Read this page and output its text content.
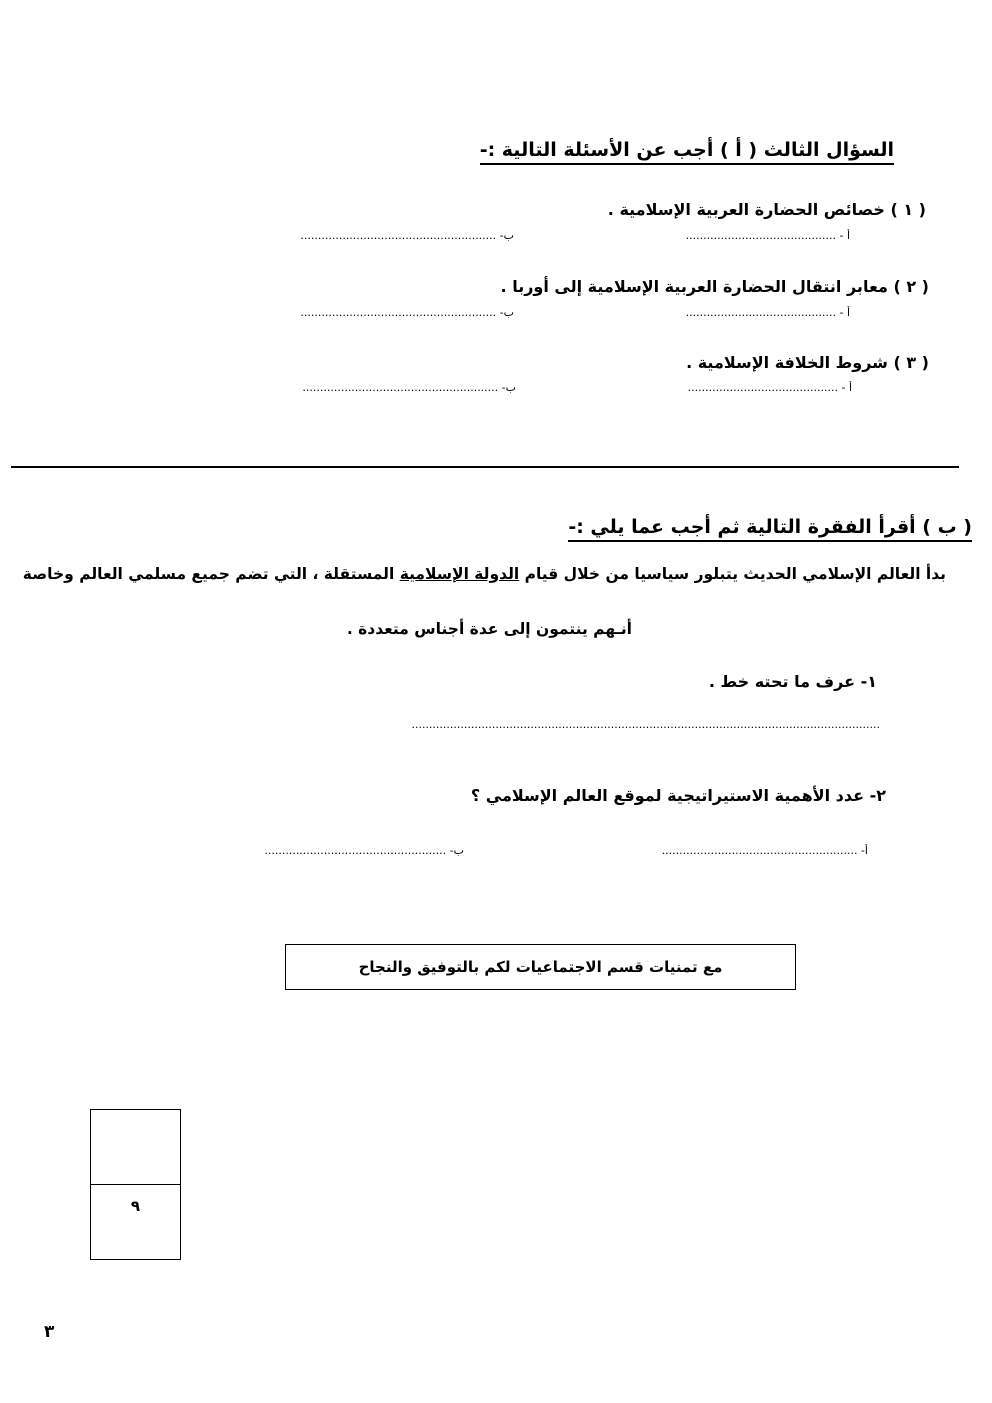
السؤال الثالث ( أ ) أجب عن الأسئلة التالية :-
( ١ ) خصائص الحضارة العربية الإسلامية .
أ - ...........................................
ب- ........................................................
( ٢ ) معابر انتقال الحضارة العربية الإسلامية إلى أوربا .
أ - ...........................................
ب- ........................................................
( ٣ ) شروط الخلافة الإسلامية .
أ - ...........................................
ب- ........................................................
( ب ) أقرأ الفقرة التالية ثم أجب عما يلي :-
بدأ العالم الإسلامي الحديث يتبلور سياسيا من خلال قيام الدولة الإسلامية المستقلة ، التي تضم جميع مسلمي العالم وخاصة
أنـهم ينتمون إلى عدة أجناس متعددة .
١- عرف ما تحته خط .
......................................................................................................................................
٢- عدد الأهمية الاستيراتيجية لموقع العالم الإسلامي ؟
أ- ........................................................
ب- ....................................................
مع تمنيات قسم الاجتماعيات لكم بالتوفيق والنجاح
٩
٣
